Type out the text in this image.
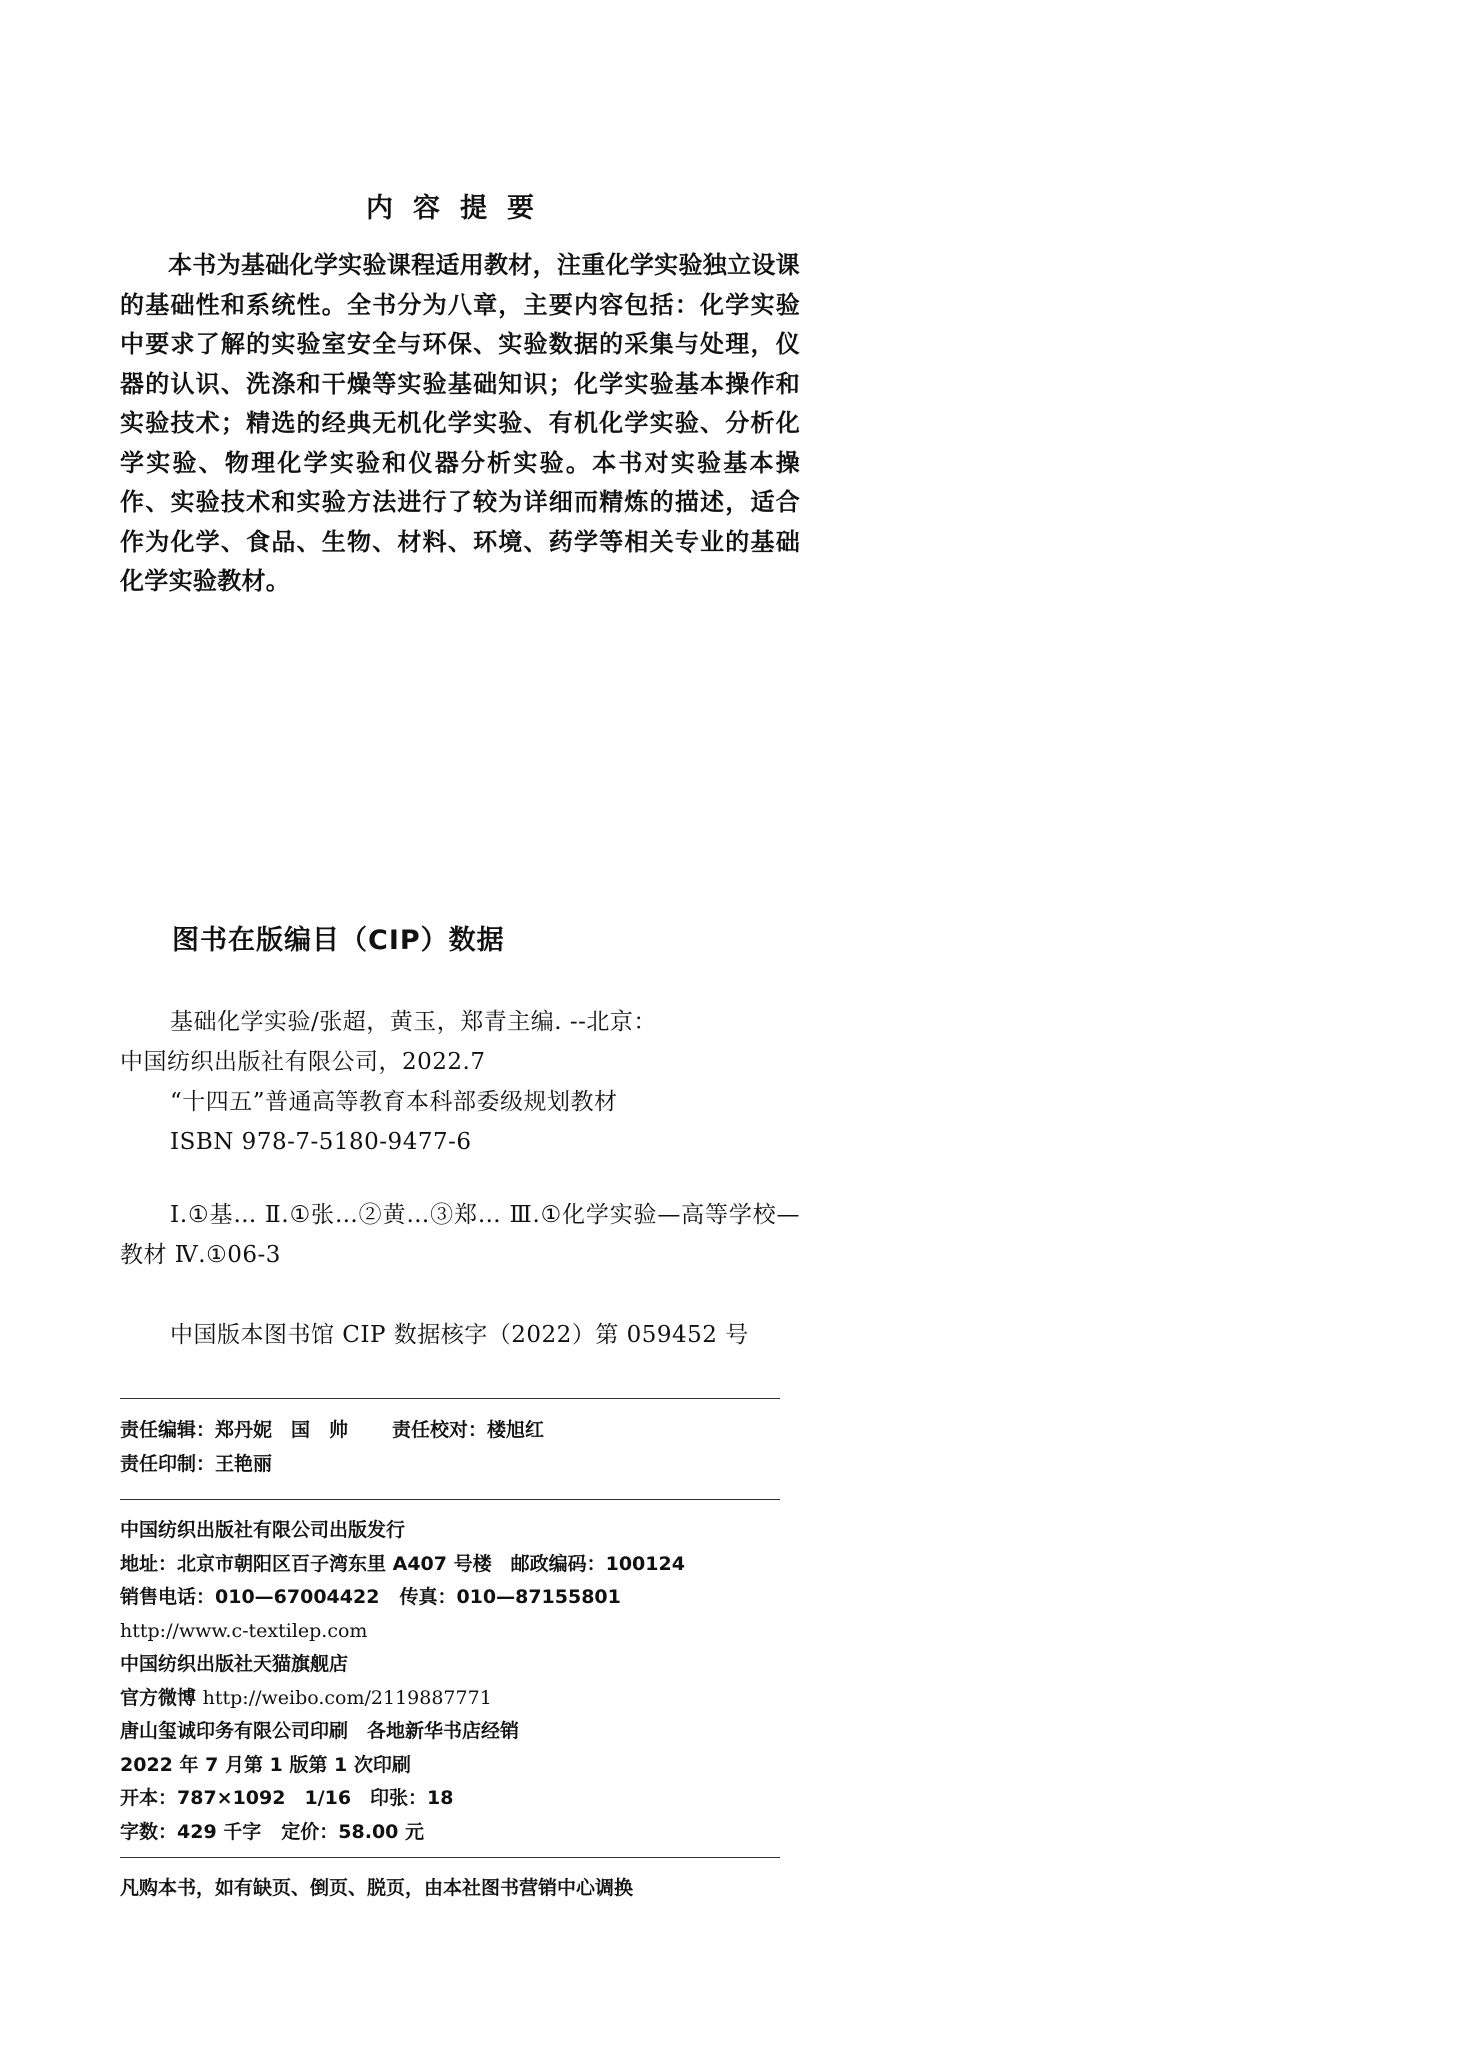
内容提要
本书为基础化学实验课程适用教材，注重化学实验独立设课的基础性和系统性。全书分为八章，主要内容包括：化学实验中要求了解的实验室安全与环保、实验数据的采集与处理，仪器的认识、洗涤和干燥等实验基础知识；化学实验基本操作和实验技术；精选的经典无机化学实验、有机化学实验、分析化学实验、物理化学实验和仪器分析实验。本书对实验基本操作、实验技术和实验方法进行了较为详细而精炼的描述，适合作为化学、食品、生物、材料、环境、药学等相关专业的基础化学实验教材。
图书在版编目（CIP）数据
基础化学实验/张超，黄玉，郑青主编. --北京：
中国纺织出版社有限公司，2022.7
“十四五”普通高等教育本科部委级规划教材
ISBN 978-7-5180-9477-6
Ⅰ.①基… Ⅱ.①张…②黄…③郑… Ⅲ.①化学实验—高等学校—教材 Ⅳ.①06-3
中国版本图书馆 CIP 数据核字（2022）第 059452 号
责任编辑：郑丹妮　国　帅 责任校对：楼旭红
责任印制：王艳丽
中国纺织出版社有限公司出版发行
地址：北京市朝阳区百子湾东里 A407 号楼　邮政编码：100124
销售电话：010—67004422 传真：010—87155801
http://www.c-textilep.com
中国纺织出版社天猫旗舰店
官方微博 http://weibo.com/2119887771
唐山玺诚印务有限公司印刷　各地新华书店经销
2022 年 7 月第 1 版第 1 次印刷
开本：787×1092　1/16　印张：18
字数：429 千字 定价：58.00 元
凡购本书，如有缺页、倒页、脱页，由本社图书营销中心调换
